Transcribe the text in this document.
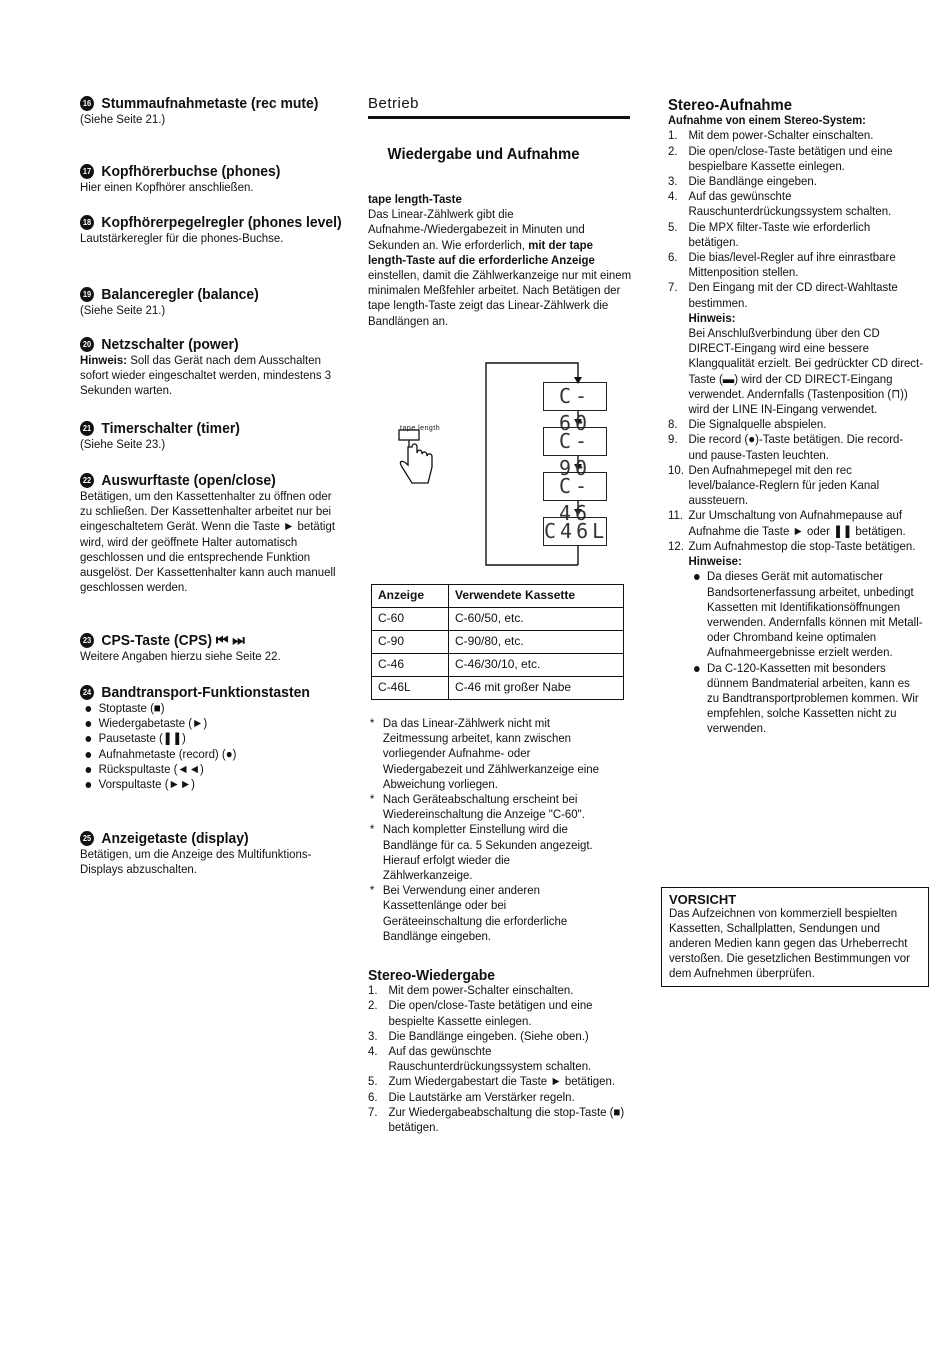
16 Stummaufnahmetaste (rec mute)

(Siehe Seite 21.)

17 Kopfhörerbuchse (phones)

Hier einen Kopfhörer anschließen.

18 Kopfhörerpegelregler (phones level)

Lautstärkeregler für die phones-Buchse.

19 Balanceregler (balance)

(Siehe Seite 21.)

20 Netzschalter (power)

Hinweis: Soll das Gerät nach dem Ausschalten sofort wieder eingeschaltet werden, mindestens 3 Sekunden warten.

21 Timerschalter (timer)

(Siehe Seite 23.)

22 Auswurftaste (open/close)

Betätigen, um den Kassettenhalter zu öffnen oder zu schließen. Der Kassettenhalter arbeitet nur bei eingeschaltetem Gerät. Wenn die Taste ► betätigt wird, wird der geöffnete Halter automatisch geschlossen und die entsprechende Funktion ausgelöst. Der Kassettenhalter kann auch manuell geschlossen werden.

23 CPS-Taste (CPS) ⏮ ⏭

Weitere Angaben hierzu siehe Seite 22.

24 Bandtransport-Funktionstasten
Stoptaste (■)
Wiedergabetaste (►)
Pausetaste (❚❚)
Aufnahmetaste (record) (●)
Rückspultaste (◄◄)
Vorspultaste (►►)
25 Anzeigetaste (display)

Betätigen, um die Anzeige des Multifunktions-Displays abzuschalten.

Betrieb
Wiedergabe und Aufnahme
tape length-Taste

Das Linear-Zählwerk gibt die Aufnahme-/Wiedergabezeit in Minuten und Sekunden an. Wie erforderlich, mit der tape length-Taste auf die erforderliche Anzeige einstellen, damit die Zählwerkanzeige nur mit einem minimalen Meßfehler arbeitet. Nach Betätigen der tape length-Taste zeigt das Linear-Zählwerk die Bandlängen an.

tape length
C-60
C-90
C-46
C46L
Anzeige	Verwendete Kassette
C-60	C-60/50, etc.
C-90	C-90/80, etc.
C-46	C-46/30/10, etc.
C-46L	C-46 mit großer Nabe
* Da das Linear-Zählwerk nicht mit Zeitmessung arbeitet, kann zwischen vorliegender Aufnahme- oder Wiedergabezeit und Zählwerkanzeige eine Abweichung vorliegen.
* Nach Geräteabschaltung erscheint bei Wiedereinschaltung die Anzeige "C-60".
* Nach kompletter Einstellung wird die Bandlänge für ca. 5 Sekunden angezeigt. Hierauf erfolgt wieder die Zählwerkanzeige.
* Bei Verwendung einer anderen Kassettenlänge oder bei Geräteeinschaltung die erforderliche Bandlänge eingeben.
Stereo-Wiedergabe
1. Mit dem power-Schalter einschalten.
2. Die open/close-Taste betätigen und eine bespielte Kassette einlegen.
3. Die Bandlänge eingeben. (Siehe oben.)
4. Auf das gewünschte Rauschunterdrückungssystem schalten.
5. Zum Wiedergabestart die Taste ► betätigen.
6. Die Lautstärke am Verstärker regeln.
7. Zur Wiedergabeabschaltung die stop-Taste (■) betätigen.
Stereo-Aufnahme
Aufnahme von einem Stereo-System:
1. Mit dem power-Schalter einschalten.
2. Die open/close-Taste betätigen und eine bespielbare Kassette einlegen.
3. Die Bandlänge eingeben.
4. Auf das gewünschte Rauschunterdrückungssystem schalten.
5. Die MPX filter-Taste wie erforderlich betätigen.
6. Die bias/level-Regler auf ihre einrastbare Mittenposition stellen.
7. Den Eingang mit der CD direct-Wahltaste bestimmen.
Hinweis:
Bei Anschlußverbindung über den CD DIRECT-Eingang wird eine bessere Klangqualität erzielt. Bei gedrückter CD direct-Taste (▬) wird der CD DIRECT-Eingang verwendet. Andernfalls (Tastenposition (⊓)) wird der LINE IN-Eingang verwendet.
8. Die Signalquelle abspielen.
9. Die record (●)-Taste betätigen. Die record- und pause-Tasten leuchten.
10. Den Aufnahmepegel mit den rec level/balance-Reglern für jeden Kanal aussteuern.
11. Zur Umschaltung von Aufnahmepause auf Aufnahme die Taste ► oder ❚❚ betätigen.
12. Zum Aufnahmestop die stop-Taste betätigen.
Hinweise:
Da dieses Gerät mit automatischer Bandsortenerfassung arbeitet, unbedingt Kassetten mit Identifikationsöffnungen verwenden. Andernfalls können mit Metall- oder Chromband keine optimalen Aufnahmeergebnisse erzielt werden.
Da C-120-Kassetten mit besonders dünnem Bandmaterial arbeiten, kann es zu Bandtransportproblemen kommen. Wir empfehlen, solche Kassetten nicht zu verwenden.
VORSICHT
Das Aufzeichnen von kommerziell bespielten Kassetten, Schallplatten, Sendungen und anderen Medien kann gegen das Urheberrecht verstoßen. Die gesetzlichen Bestimmungen vor dem Aufnehmen überprüfen.
